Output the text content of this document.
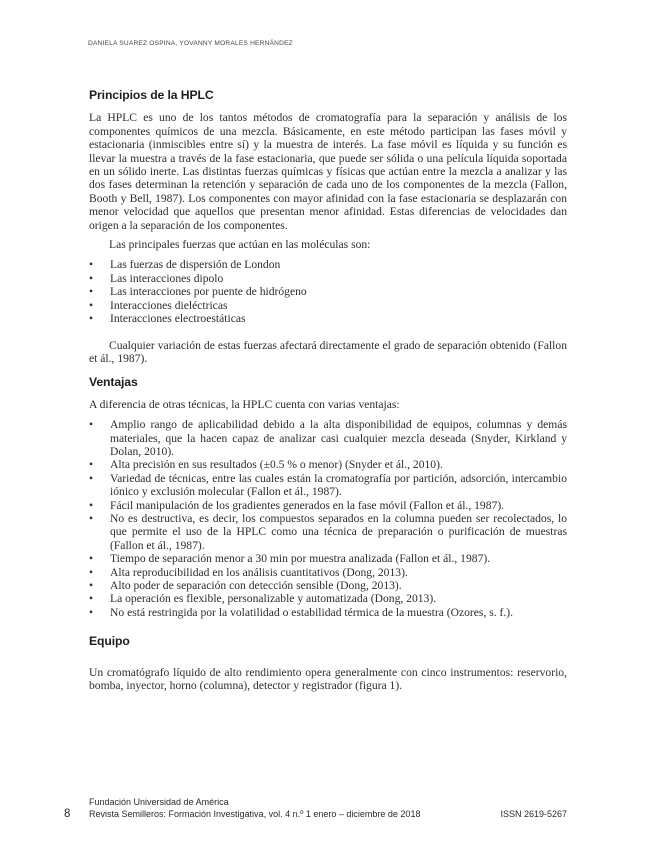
DANIELA SUAREZ OSPINA, YOVANNY MORALES HERNÁNDEZ
Principios de la HPLC

La HPLC es uno de los tantos métodos de cromatografía para la separación y análisis de los componentes químicos de una mezcla. Básicamente, en este método participan las fases móvil y estacionaria (inmiscibles entre sí) y la muestra de interés. La fase móvil es líquida y su función es llevar la muestra a través de la fase estacionaria, que puede ser sólida o una película líquida soportada en un sólido inerte. Las distintas fuerzas químicas y físicas que actúan entre la mezcla a analizar y las dos fases determinan la retención y separación de cada uno de los componentes de la mezcla (Fallon, Booth y Bell, 1987). Los componentes con mayor afinidad con la fase estacionaria se desplazarán con menor velocidad que aquellos que presentan menor afinidad. Estas diferencias de velocidades dan origen a la separación de los componentes.

Las principales fuerzas que actúan en las moléculas son:

• Las fuerzas de dispersión de London
• Las interacciones dipolo
• Las interacciones por puente de hidrógeno
• Interacciones dieléctricas
• Interacciones electroestáticas

Cualquier variación de estas fuerzas afectará directamente el grado de separación obtenido (Fallon et ál., 1987).

Ventajas

A diferencia de otras técnicas, la HPLC cuenta con varias ventajas:

• Amplio rango de aplicabilidad debido a la alta disponibilidad de equipos, columnas y demás materiales, que la hacen capaz de analizar casi cualquier mezcla deseada (Snyder, Kirkland y Dolan, 2010).
• Alta precisión en sus resultados (±0.5 % o menor) (Snyder et ál., 2010).
• Variedad de técnicas, entre las cuales están la cromatografía por partición, adsorción, intercambio iónico y exclusión molecular (Fallon et ál., 1987).
• Fácil manipulación de los gradientes generados en la fase móvil (Fallon et ál., 1987).
• No es destructiva, es decir, los compuestos separados en la columna pueden ser recolectados, lo que permite el uso de la HPLC como una técnica de preparación o purificación de muestras (Fallon et ál., 1987).
• Tiempo de separación menor a 30 min por muestra analizada (Fallon et ál., 1987).
• Alta reproducibilidad en los análisis cuantitativos (Dong, 2013).
• Alto poder de separación con detección sensible (Dong, 2013).
• La operación es flexible, personalizable y automatizada (Dong, 2013).
• No está restringida por la volatilidad o estabilidad térmica de la muestra (Ozores, s. f.).
Equipo

Un cromatógrafo líquido de alto rendimiento opera generalmente con cinco instrumentos: reservorio, bomba, inyector, horno (columna), detector y registrador (figura 1).

8
Fundación Universidad de América
Revista Semilleros: Formación Investigativa, vol. 4 n.º 1 enero – diciembre de 2018	ISSN 2619-5267
